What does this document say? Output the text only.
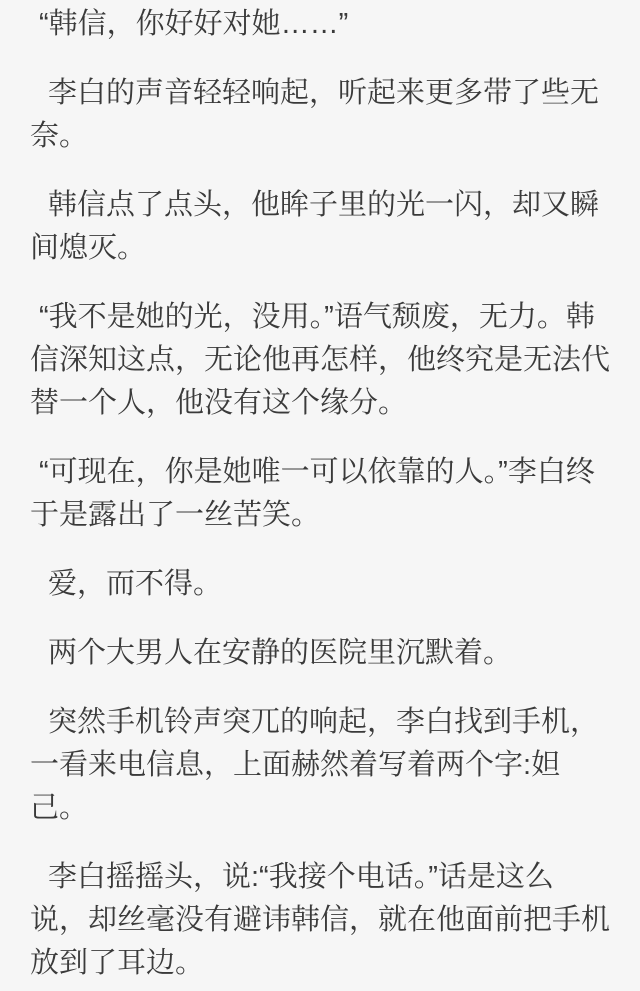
“韩信，你好好对她……”

李白的声音轻轻响起，听起来更多带了些无奈。

韩信点了点头，他眸子里的光一闪，却又瞬间熄灭。

“我不是她的光，没用。”语气颓废，无力。韩信深知这点，无论他再怎样，他终究是无法代替一个人，他没有这个缘分。

“可现在，你是她唯一可以依靠的人。”李白终于是露出了一丝苦笑。

爱，而不得。

两个大男人在安静的医院里沉默着。

突然手机铃声突兀的响起，李白找到手机，一看来电信息，上面赫然着写着两个字:妲己。

李白摇摇头，说:“我接个电话。”话是这么说，却丝毫没有避讳韩信，就在他面前把手机放到了耳边。
